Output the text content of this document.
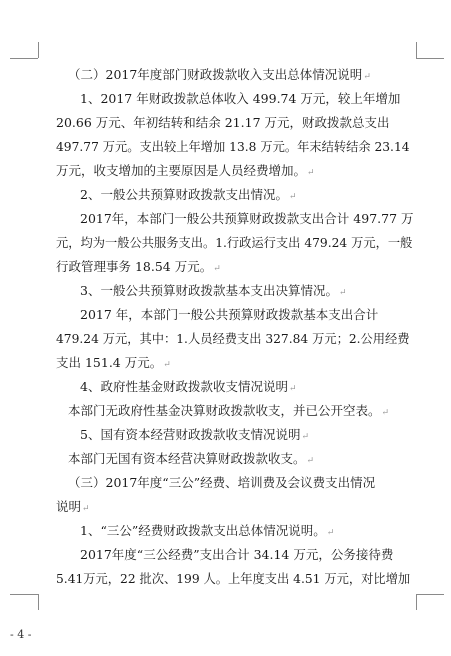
（二）2017年度部门财政拨款收入支出总体情况说明↵
1、2017 年财政拨款总体收入 499.74 万元，较上年增加
20.66 万元、年初结转和结余 21.17 万元，财政拨款总支出
497.77 万元。支出较上年增加 13.8 万元。年末结转结余 23.14
万元，收支增加的主要原因是人员经费增加。↵
2、一般公共预算财政拨款支出情况。↵
2017年，本部门一般公共预算财政拨款支出合计 497.77 万
元，均为一般公共服务支出。1.行政运行支出 479.24 万元，一般
行政管理事务 18.54 万元。↵
3、一般公共预算财政拨款基本支出决算情况。↵
2017 年，本部门一般公共预算财政拨款基本支出合计
479.24 万元，其中：1.人员经费支出 327.84 万元；2.公用经费
支出 151.4 万元。↵
4、政府性基金财政拨款收支情况说明↵
本部门无政府性基金决算财政拨款收支，并已公开空表。↵
5、国有资本经营财政拨款收支情况说明↵
本部门无国有资本经营决算财政拨款收支。↵
（三）2017年度“三公”经费、培训费及会议费支出情况
说明↵
1、“三公”经费财政拨款支出总体情况说明。↵
2017年度“三公经费”支出合计 34.14 万元，公务接待费
5.41万元，22 批次、199 人。上年度支出 4.51 万元，对比增加
- 4 -
